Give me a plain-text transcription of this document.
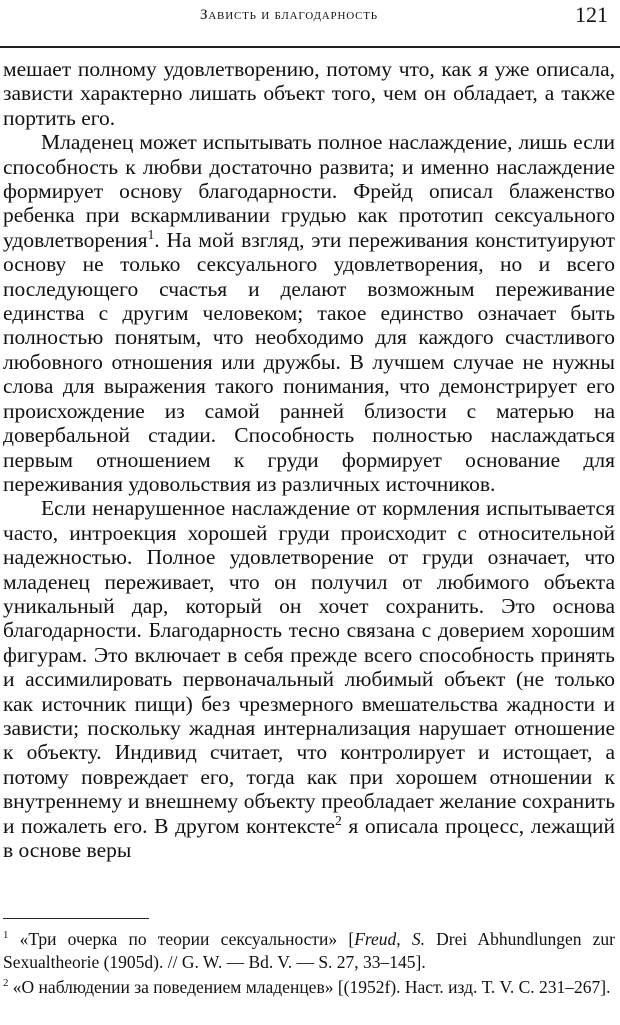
Зависть и благодарность	121

мешает полному удовлетворению, потому что, как я уже описала, зависти характерно лишать объект того, чем он обладает, а также портить его.

Младенец может испытывать полное наслаждение, лишь если способность к любви достаточно развита; и именно наслаждение формирует основу благодарности. Фрейд описал блаженство ребенка при вскармливании грудью как прототип сексуального удовлетворения$^1$. На мой взгляд, эти переживания конституируют основу не только сексуального удовлетворения, но и всего последующего счастья и делают возможным переживание единства с другим человеком; такое единство означает быть полностью понятым, что необходимо для каждого счастливого любовного отношения или дружбы. В лучшем случае не нужны слова для выражения такого понимания, что демонстрирует его происхождение из самой ранней близости с матерью на довербальной стадии. Способность полностью наслаждаться первым отношением к груди формирует основание для переживания удовольствия из различных источников.

Если ненарушенное наслаждение от кормления испытывается часто, интроекция хорошей груди происходит с относительной надежностью. Полное удовлетворение от груди означает, что младенец переживает, что он получил от любимого объекта уникальный дар, который он хочет сохранить. Это основа благодарности. Благодарность тесно связана с доверием хорошим фигурам. Это включает в себя прежде всего способность принять и ассимилировать первоначальный любимый объект (не только как источник пищи) без чрезмерного вмешательства жадности и зависти; поскольку жадная интернализация нарушает отношение к объекту. Индивид считает, что контролирует и истощает, а потому повреждает его, тогда как при хорошем отношении к внутреннему и внешнему объекту преобладает желание сохранить и пожалеть его. В другом контексте$^2$ я описала процесс, лежащий в основе веры

$^1$ «Три очерка по теории сексуальности» [Freud, S. Drei Abhundlungen zur Sexualtheorie (1905d). // G. W. — Bd. V. — S. 27, 33–145].

$^2$ «О наблюдении за поведением младенцев» [(1952f). Наст. изд. Т. V. С. 231–267].
